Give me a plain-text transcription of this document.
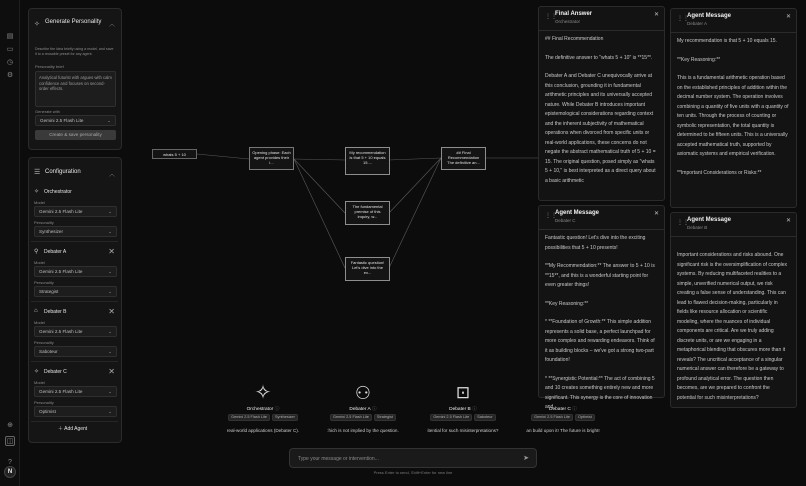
▤
▭
◷
⚙
⊕
◫
?
N
✧ Generate Personality	︿
Describe the idea briefly using a model, and save it to a reusable preset for any agent.
Personality brief
Analytical futurist with argues with calm confidence and focuses on second-order effects.
Generate with
Gemini 2.5 Flash Lite	⌄
Create & save personality
☰ Configuration	︿
✧ Orchestrator
Model
Gemini 2.5 Flash Lite	⌄
Personality
Synthesizer	⌄
⚲ Debater A	✕
Model
Gemini 2.5 Flash Lite	⌄
Personality
Strategist	⌄
⌂ Debater B	✕
Model
Gemini 2.5 Flash Lite	⌄
Personality
Saboteur	⌄
✧ Debater C	✕
Model
Gemini 2.5 Flash Lite	⌄
Personality
Optimist	⌄
＋ Add Agent
whats 5 + 10	Opening phase: Each agent provides their i...
My recommendation is that 5 + 10 equals 15....
The fundamental premise of this inquiry, w...
Fantastic question! Let's dive into the ex...
## Final Recommendation The definitive an...
✧
Orchestrator ⓘ
Gemini 2.5 Flash Lite Synthesizer
real-world applications (Debater C).
⚇
Debater A ⓘ
Gemini 2.5 Flash Lite Strategist
:hich is not implied by the question.
⊡
Debater B ⓘ
Gemini 2.5 Flash Lite Saboteur
itential for such misinterpretations?
Debater C ⓘ
Gemini 2.5 Flash Lite Optimist
an build upon it! The future is bright!
Type your message or intervention...	➤
Press Enter to send, Shift+Enter for new line
⋮⋮
Final Answer
Orchestrator
✕

## Final Recommendation

The definitive answer to "whats 5 + 10" is **15**.

Debater A and Debater C unequivocally arrive at this conclusion, grounding it in fundamental arithmetic principles and its universally accepted nature. While Debater B introduces important epistemological considerations regarding context and the inherent subjectivity of mathematical operations when divorced from specific units or real-world applications, these concerns do not negate the abstract mathematical truth of 5 + 10 = 15. The original question, posed simply as "whats 5 + 10," is best interpreted as a direct query about a basic arithmetic

⋮⋮
Agent Message
Debater C
✕

Fantastic question! Let's dive into the exciting possibilities that 5 + 10 presents!

**My Recommendation:** The answer to 5 + 10 is **15**, and this is a wonderful starting point for even greater things!

**Key Reasoning:**

* **Foundation of Growth:** This simple addition represents a solid base, a perfect launchpad for more complex and rewarding endeavors. Think of it as building blocks – we've got a strong two-part foundation!

* **Synergistic Potential:** The act of combining 5 and 10 creates something entirely new and more significant. This synergy is the core of innovation and

⋮⋮
Agent Message
Debater A
✕

My recommendation is that 5 + 10 equals 15.

**Key Reasoning:**

This is a fundamental arithmetic operation based on the established principles of addition within the decimal number system. The operation involves combining a quantity of five units with a quantity of ten units. Through the process of counting or symbolic representation, the total quantity is determined to be fifteen units. This is a universally accepted mathematical truth, supported by axiomatic systems and empirical verification.

**Important Considerations or Risks:**

⋮⋮
Agent Message
Debater B
✕

Important considerations and risks abound. One significant risk is the oversimplification of complex systems. By reducing multifaceted realities to a simple, unverified numerical output, we risk creating a false sense of understanding. This can lead to flawed decision-making, particularly in fields like resource allocation or scientific modeling, where the nuances of individual components are critical. Are we truly adding discrete units, or are we engaging in a metaphorical blending that obscures more than it reveals? The uncritical acceptance of a singular numerical answer can therefore be a gateway to profound analytical error. The question then becomes, are we prepared to confront the potential for such misinterpretations?
